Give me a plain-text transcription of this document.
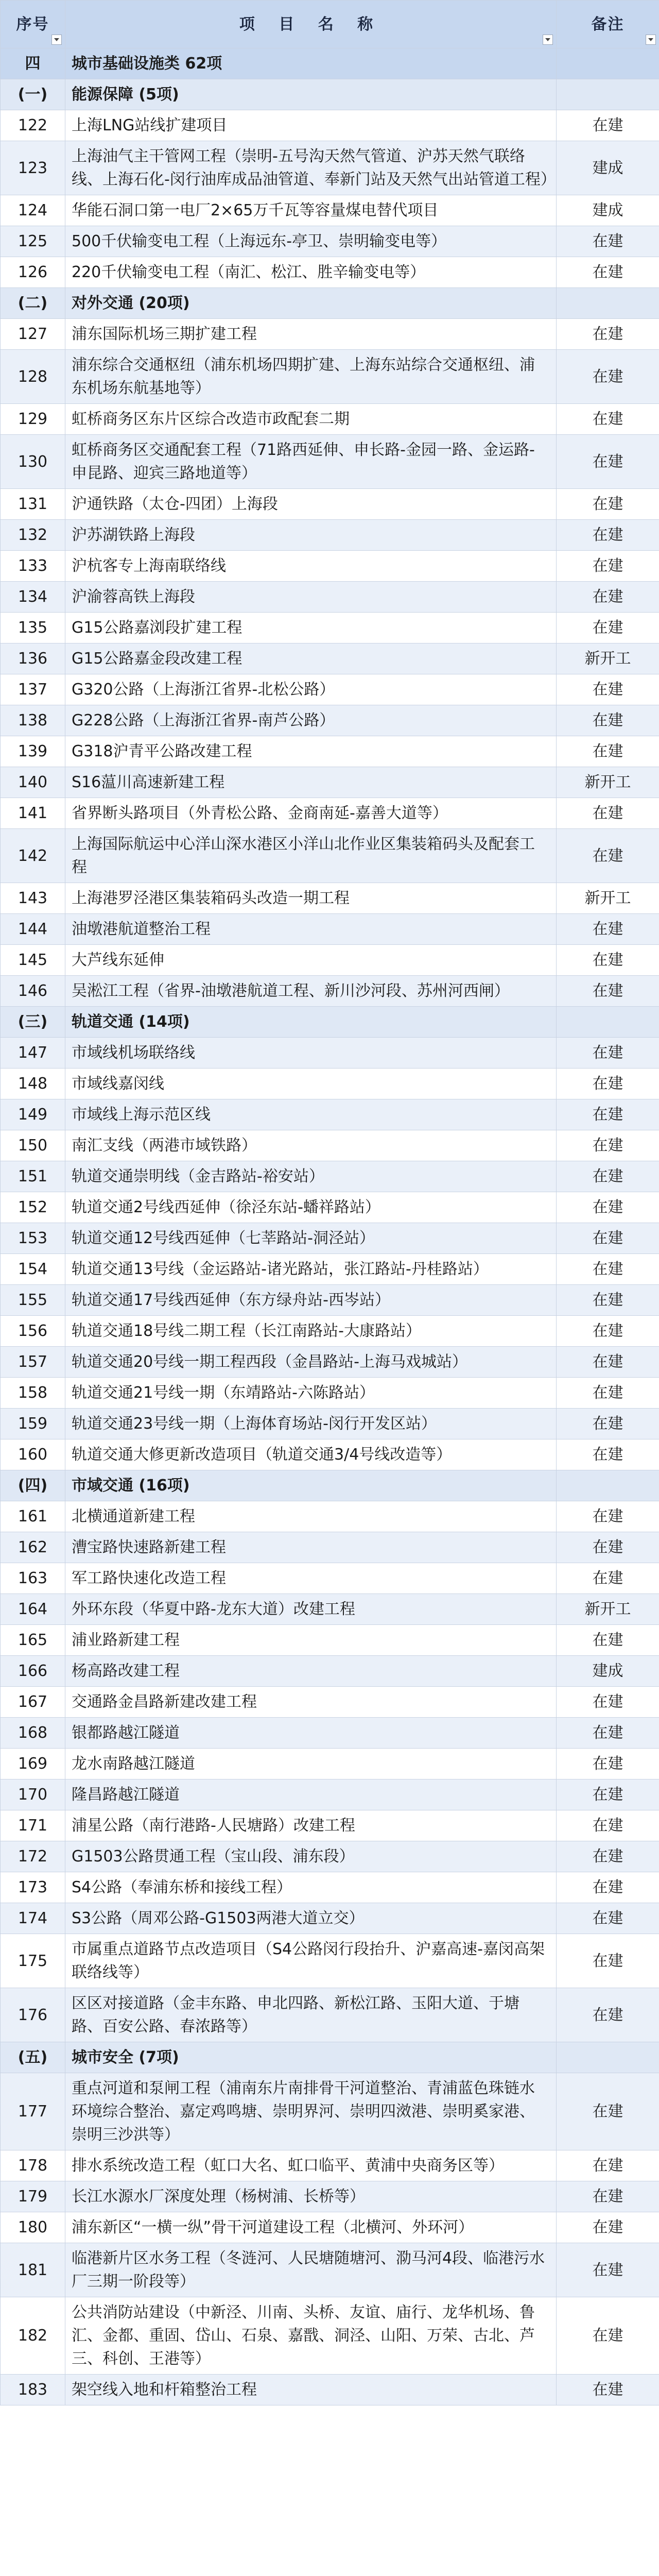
序号	项 目 名 称	备注

四	城市基础设施类 62项	
(一)	能源保障 (5项)	
122	上海LNG站线扩建项目	在建
123	上海油气主干管网工程（崇明-五号沟天然气管道、沪苏天然气联络线、上海石化-闵行油库成品油管道、奉新门站及天然气出站管道工程）	建成
124	华能石洞口第一电厂2×65万千瓦等容量煤电替代项目	建成
125	500千伏输变电工程（上海远东-亭卫、崇明输变电等）	在建
126	220千伏输变电工程（南汇、松江、胜辛输变电等）	在建
(二)	对外交通 (20项)	
127	浦东国际机场三期扩建工程	在建
128	浦东综合交通枢纽（浦东机场四期扩建、上海东站综合交通枢纽、浦东机场东航基地等）	在建
129	虹桥商务区东片区综合改造市政配套二期	在建
130	虹桥商务区交通配套工程（71路西延伸、申长路-金园一路、金运路-申昆路、迎宾三路地道等）	在建
131	沪通铁路（太仓-四团）上海段	在建
132	沪苏湖铁路上海段	在建
133	沪杭客专上海南联络线	在建
134	沪渝蓉高铁上海段	在建
135	G15公路嘉浏段扩建工程	在建
136	G15公路嘉金段改建工程	新开工
137	G320公路（上海浙江省界-北松公路）	在建
138	G228公路（上海浙江省界-南芦公路）	在建
139	G318沪青平公路改建工程	在建
140	S16蕰川高速新建工程	新开工
141	省界断头路项目（外青松公路、金商南延-嘉善大道等）	在建
142	上海国际航运中心洋山深水港区小洋山北作业区集装箱码头及配套工程	在建
143	上海港罗泾港区集装箱码头改造一期工程	新开工
144	油墩港航道整治工程	在建
145	大芦线东延伸	在建
146	吴淞江工程（省界-油墩港航道工程、新川沙河段、苏州河西闸）	在建
(三)	轨道交通 (14项)	
147	市域线机场联络线	在建
148	市域线嘉闵线	在建
149	市域线上海示范区线	在建
150	南汇支线（两港市域铁路）	在建
151	轨道交通崇明线（金吉路站-裕安站）	在建
152	轨道交通2号线西延伸（徐泾东站-蟠祥路站）	在建
153	轨道交通12号线西延伸（七莘路站-洞泾站）	在建
154	轨道交通13号线（金运路站-诸光路站，张江路站-丹桂路站）	在建
155	轨道交通17号线西延伸（东方绿舟站-西岑站）	在建
156	轨道交通18号线二期工程（长江南路站-大康路站）	在建
157	轨道交通20号线一期工程西段（金昌路站-上海马戏城站）	在建
158	轨道交通21号线一期（东靖路站-六陈路站）	在建
159	轨道交通23号线一期（上海体育场站-闵行开发区站）	在建
160	轨道交通大修更新改造项目（轨道交通3/4号线改造等）	在建
(四)	市域交通 (16项)	
161	北横通道新建工程	在建
162	漕宝路快速路新建工程	在建
163	军工路快速化改造工程	在建
164	外环东段（华夏中路-龙东大道）改建工程	新开工
165	浦业路新建工程	在建
166	杨高路改建工程	建成
167	交通路金昌路新建改建工程	在建
168	银都路越江隧道	在建
169	龙水南路越江隧道	在建
170	隆昌路越江隧道	在建
171	浦星公路（南行港路-人民塘路）改建工程	在建
172	G1503公路贯通工程（宝山段、浦东段）	在建
173	S4公路（奉浦东桥和接线工程）	在建
174	S3公路（周邓公路-G1503两港大道立交）	在建
175	市属重点道路节点改造项目（S4公路闵行段抬升、沪嘉高速-嘉闵高架联络线等）	在建
176	区区对接道路（金丰东路、申北四路、新松江路、玉阳大道、于塘路、百安公路、春浓路等）	在建
(五)	城市安全 (7项)	
177	重点河道和泵闸工程（浦南东片南排骨干河道整治、青浦蓝色珠链水环境综合整治、嘉定鸡鸣塘、崇明界河、崇明四滧港、崇明奚家港、崇明三沙洪等）	在建
178	排水系统改造工程（虹口大名、虹口临平、黄浦中央商务区等）	在建
179	长江水源水厂深度处理（杨树浦、长桥等）	在建
180	浦东新区“一横一纵”骨干河道建设工程（北横河、外环河）	在建
181	临港新片区水务工程（冬涟河、人民塘随塘河、泐马河4段、临港污水厂三期一阶段等）	在建
182	公共消防站建设（中新泾、川南、头桥、友谊、庙行、龙华机场、鲁汇、金都、重固、岱山、石泉、嘉戬、洞泾、山阳、万荣、古北、芦三、科创、王港等）	在建
183	架空线入地和杆箱整治工程	在建
